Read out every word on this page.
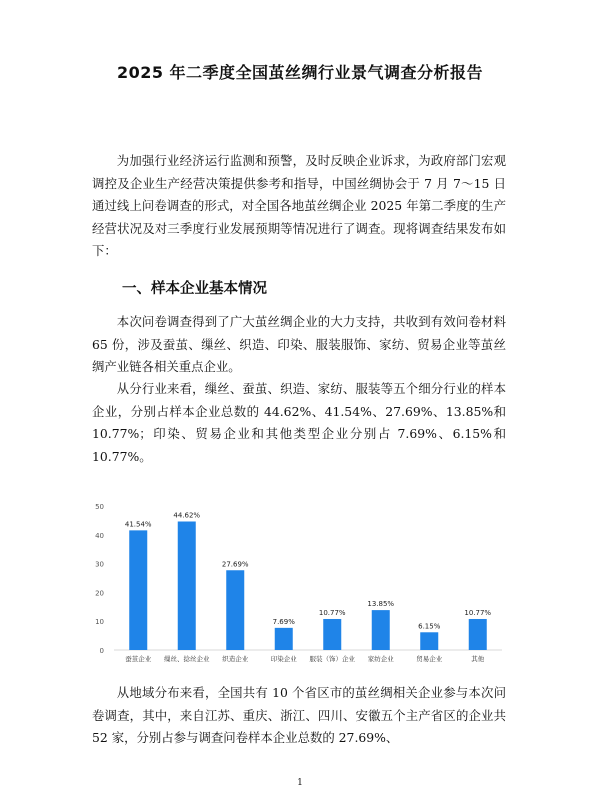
2025 年二季度全国茧丝绸行业景气调查分析报告

为加强行业经济运行监测和预警，及时反映企业诉求，为政府部门宏观调控及企业生产经营决策提供参考和指导，中国丝绸协会于 7 月 7～15 日通过线上问卷调查的形式，对全国各地茧丝绸企业 2025 年第二季度的生产经营状况及对三季度行业发展预期等情况进行了调查。现将调查结果发布如下：

一、样本企业基本情况

本次问卷调查得到了广大茧丝绸企业的大力支持，共收到有效问卷材料 65 份，涉及蚕茧、缫丝、织造、印染、服装服饰、家纺、贸易企业等茧丝绸产业链各相关重点企业。

从分行业来看，缫丝、蚕茧、织造、家纺、服装等五个细分行业的样本企业，分别占样本企业总数的 44.62%、41.54%、27.69%、13.85%和 10.77%；印染、贸易企业和其他类型企业分别占 7.69%、6.15%和 10.77%。

0
10
20
30
40
50
41.54%
蚕茧企业
44.62%
缫丝、捻丝企业
27.69%
织造企业
7.69%
印染企业
10.77%
服装（饰）企业
13.85%
家纺企业
6.15%
贸易企业
10.77%
其他

从地域分布来看，全国共有 10 个省区市的茧丝绸相关企业参与本次问卷调查，其中，来自江苏、重庆、浙江、四川、安徽五个主产省区的企业共 52 家，分别占参与调查问卷样本企业总数的 27.69%、

1
